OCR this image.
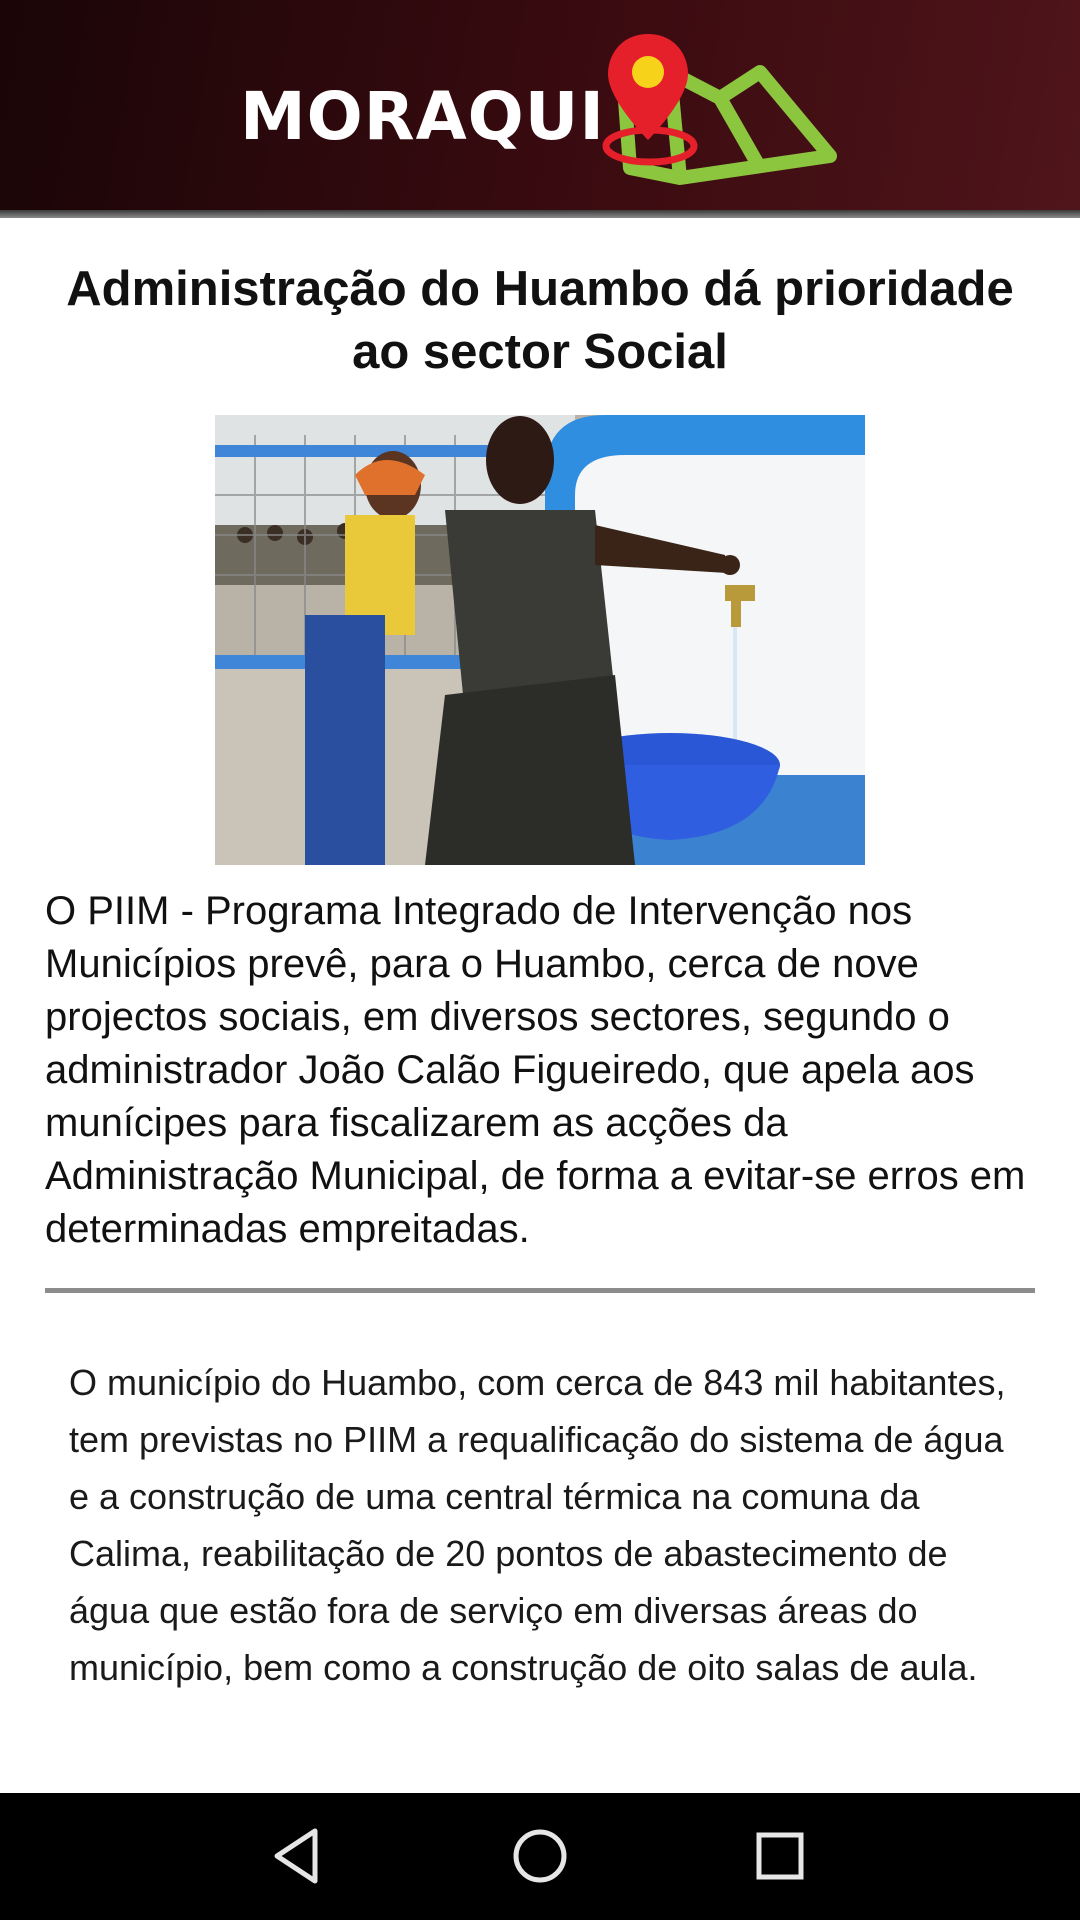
MORAQUI
Administração do Huambo dá prioridade ao sector Social

O PIIM - Programa Integrado de Intervenção nos Municípios prevê, para o Huambo, cerca de nove projectos sociais, em diversos sectores, segundo o administrador João Calão Figueiredo, que apela aos munícipes para fiscalizarem as acções da Administração Municipal, de forma a evitar-se erros em determinadas empreitadas.

O município do Huambo, com cerca de 843 mil habitantes, tem previstas no PIIM a requalificação do sistema de água e a construção de uma central térmica na comuna da Calima, reabilitação de 20 pontos de abastecimento de água que estão fora de serviço em diversas áreas do município, bem como a construção de oito salas de aula.
